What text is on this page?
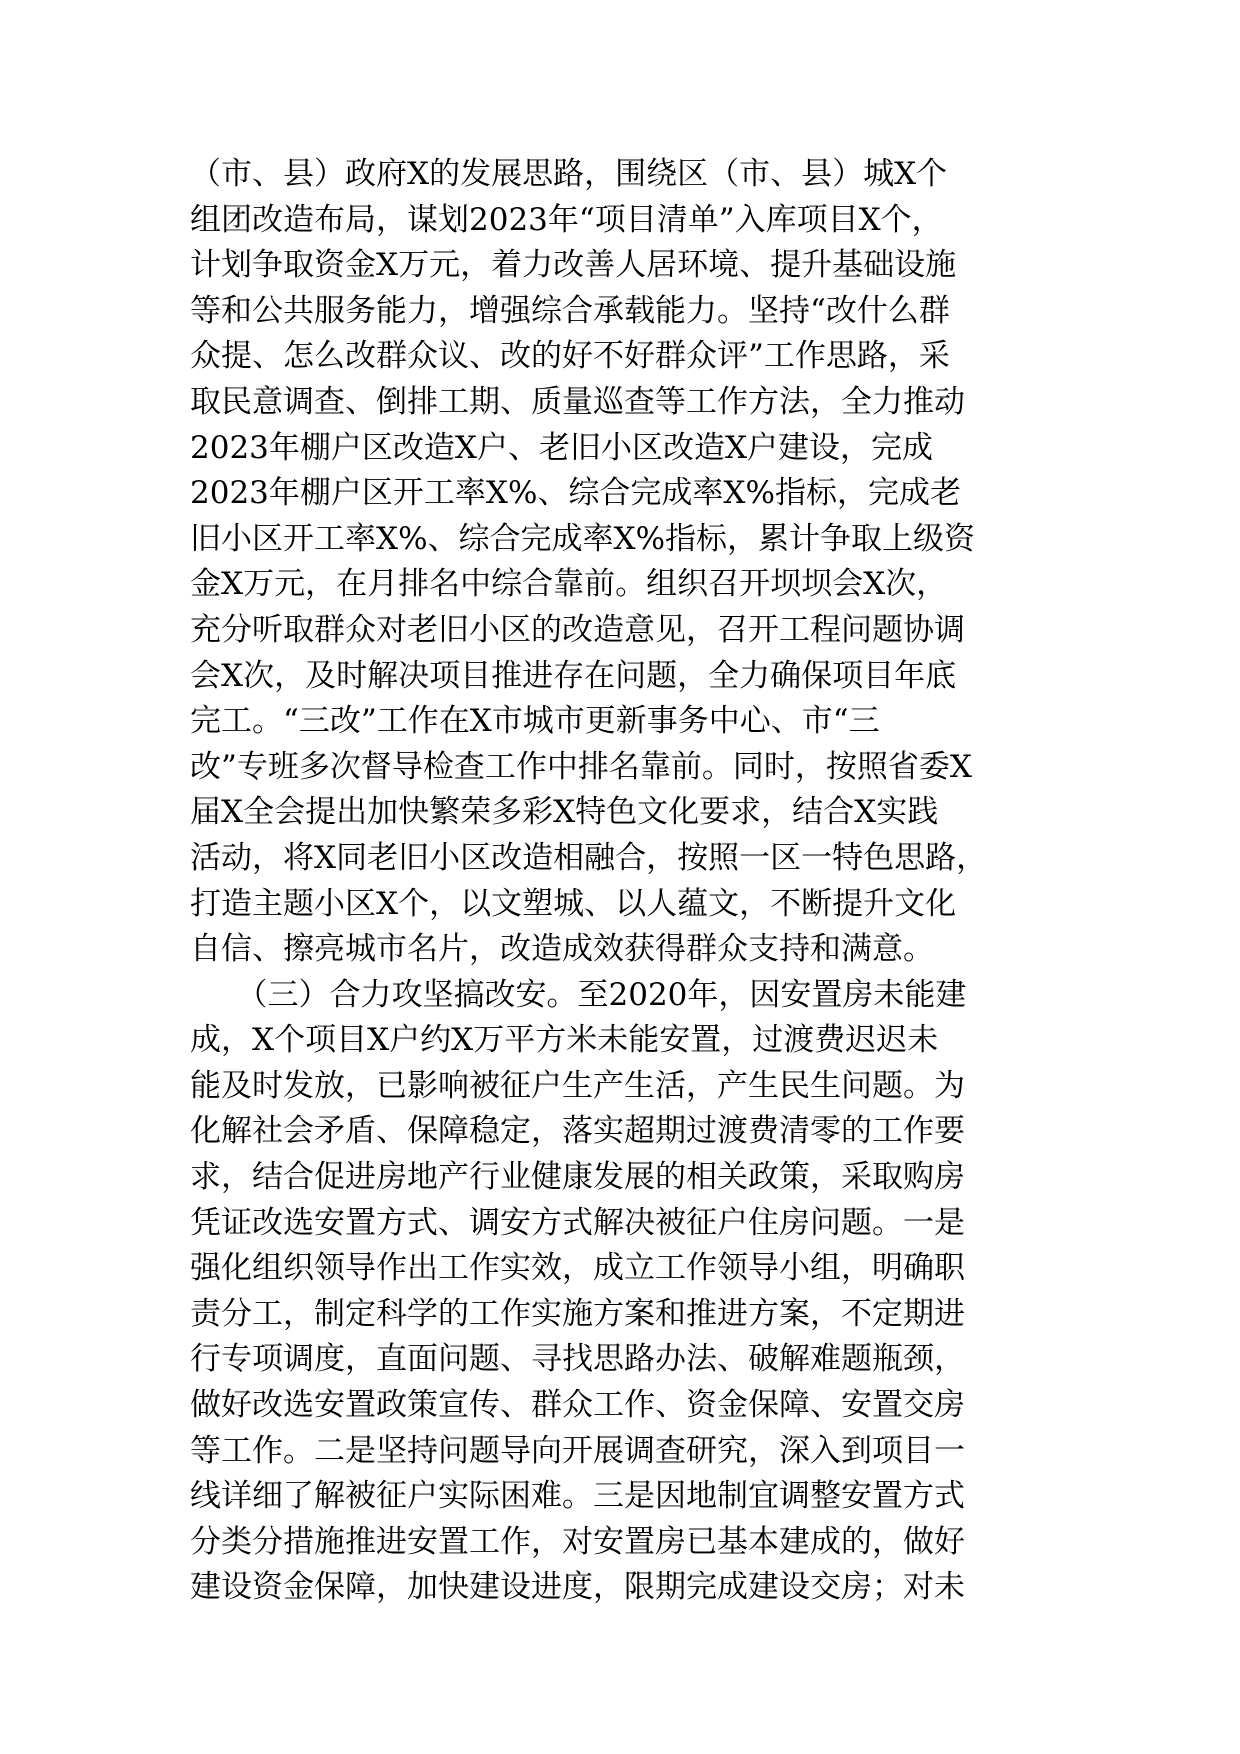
（市、县）政府X的发展思路，围绕区（市、县）城X个
组团改造布局，谋划2023年“项目清单”入库项目X个，
计划争取资金X万元，着力改善人居环境、提升基础设施
等和公共服务能力，增强综合承载能力。坚持“改什么群
众提、怎么改群众议、改的好不好群众评”工作思路，采
取民意调查、倒排工期、质量巡查等工作方法，全力推动
2023年棚户区改造X户、老旧小区改造X户建设，完成
2023年棚户区开工率X%、综合完成率X%指标，完成老
旧小区开工率X%、综合完成率X%指标，累计争取上级资
金X万元，在月排名中综合靠前。组织召开坝坝会X次，
充分听取群众对老旧小区的改造意见，召开工程问题协调
会X次，及时解决项目推进存在问题，全力确保项目年底
完工。“三改”工作在X市城市更新事务中心、市“三
改”专班多次督导检查工作中排名靠前。同时，按照省委X
届X全会提出加快繁荣多彩X特色文化要求，结合X实践
活动，将X同老旧小区改造相融合，按照一区一特色思路，
打造主题小区X个，以文塑城、以人蕴文，不断提升文化
自信、擦亮城市名片，改造成效获得群众支持和满意。
　　（三）合力攻坚搞改安。至2020年，因安置房未能建
成，X个项目X户约X万平方米未能安置，过渡费迟迟未
能及时发放，已影响被征户生产生活，产生民生问题。为
化解社会矛盾、保障稳定，落实超期过渡费清零的工作要
求，结合促进房地产行业健康发展的相关政策，采取购房
凭证改选安置方式、调安方式解决被征户住房问题。一是
强化组织领导作出工作实效，成立工作领导小组，明确职
责分工，制定科学的工作实施方案和推进方案，不定期进
行专项调度，直面问题、寻找思路办法、破解难题瓶颈，
做好改选安置政策宣传、群众工作、资金保障、安置交房
等工作。二是坚持问题导向开展调查研究，深入到项目一
线详细了解被征户实际困难。三是因地制宜调整安置方式
分类分措施推进安置工作，对安置房已基本建成的，做好
建设资金保障，加快建设进度，限期完成建设交房；对未
